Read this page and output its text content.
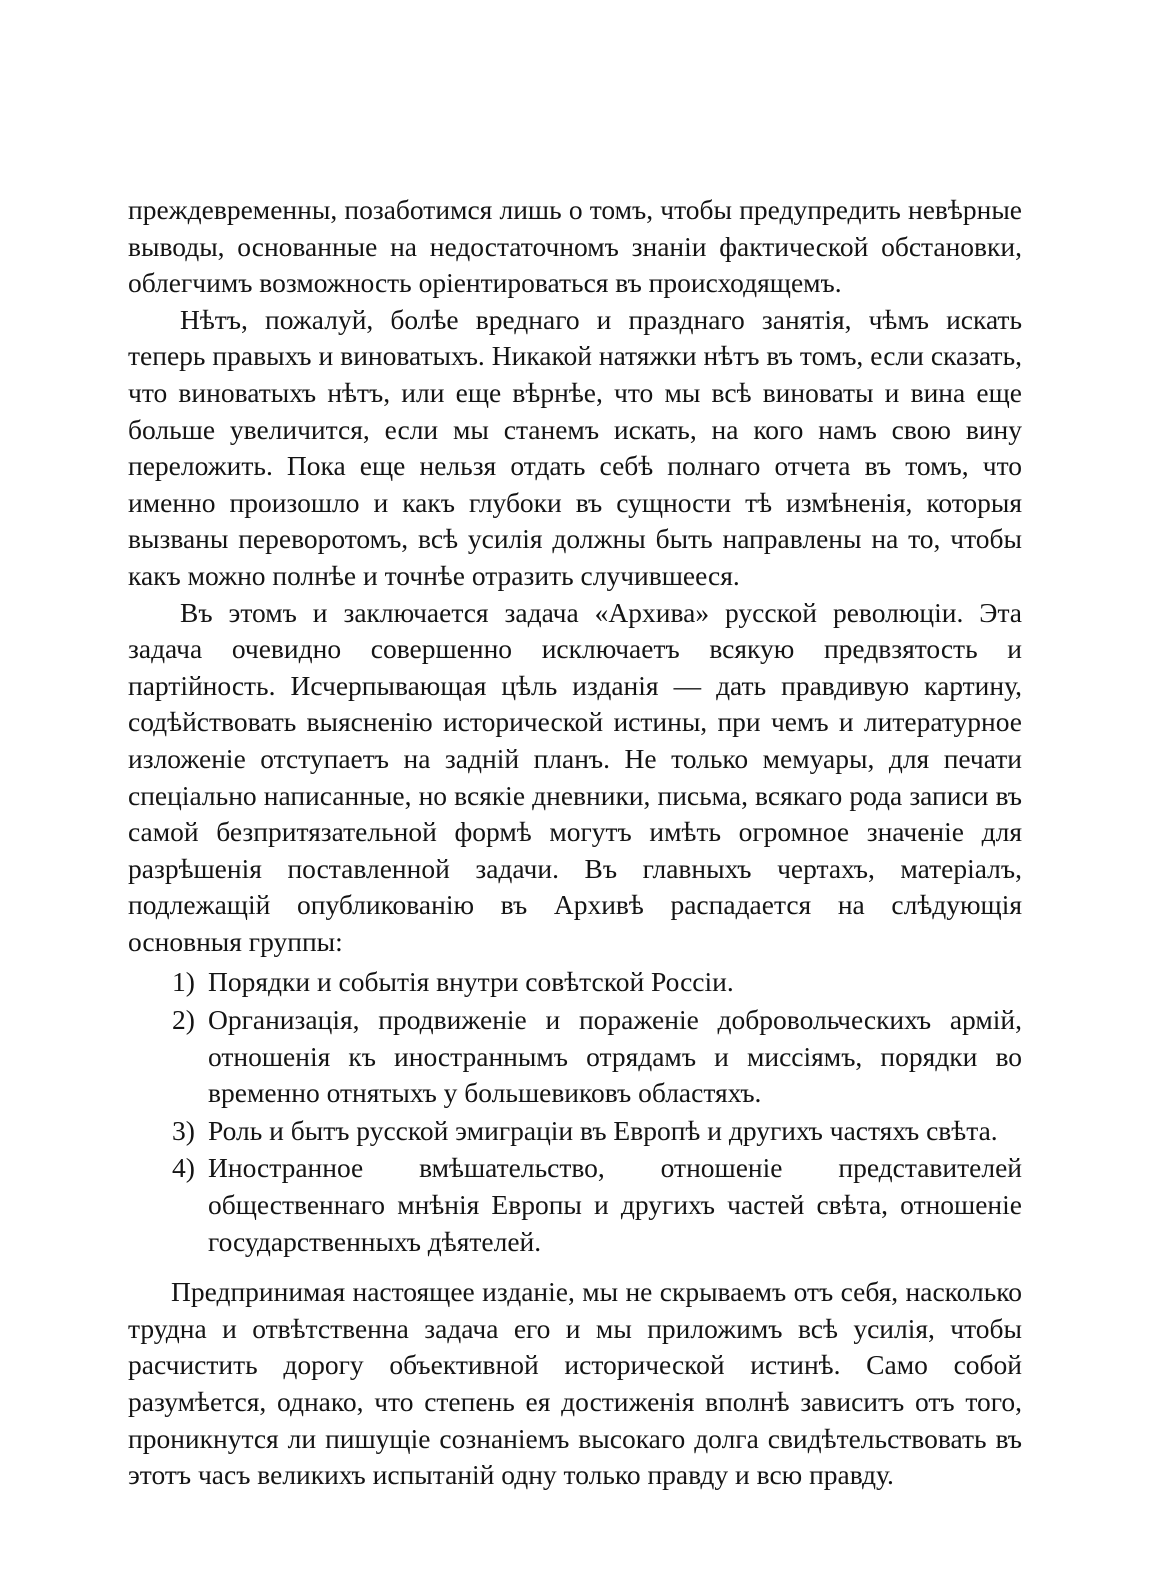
преждевременны, позаботимся лишь о томъ, чтобы предупредить невѣрные выводы, основанные на недостаточномъ знанiи фактической обстановки, облегчимъ возможность орiентироваться въ происходящемъ.

Нѣтъ, пожалуй, болѣе вреднаго и празднаго занятiя, чѣмъ искать теперь правыхъ и виноватыхъ. Никакой натяжки нѣтъ въ томъ, если сказать, что виноватыхъ нѣтъ, или еще вѣрнѣе, что мы всѣ виноваты и вина еще больше увеличится, если мы станемъ искать, на кого намъ свою вину переложить. Пока еще нельзя отдать себѣ полнаго отчета въ томъ, что именно произошло и какъ глубоки въ сущности тѣ измѣненiя, которыя вызваны переворотомъ, всѣ усилiя должны быть направлены на то, чтобы какъ можно полнѣе и точнѣе отразить случившееся.

Въ этомъ и заключается задача «Архива» русской революцiи. Эта задача очевидно совершенно исключаетъ всякую предвзятость и партiйность. Исчерпывающая цѣль изданiя — дать правдивую картину, содѣйствовать выясненiю исторической истины, при чемъ и литературное изложенiе отступаетъ на заднiй планъ. Не только мемуары, для печати спецiально написанные, но всякiе дневники, письма, всякаго рода записи въ самой безпритязательной формѣ могутъ имѣть огромное значенiе для разрѣшенiя поставленной задачи. Въ главныхъ чертахъ, матерiалъ, подлежащiй опубликованiю въ Архивѣ распадается на слѣдующiя основныя группы:

1) Порядки и событiя внутри совѣтской Россiи.
2) Организацiя, продвиженiе и пораженiе добровольческихъ армiй, отношенiя къ иностраннымъ отрядамъ и миссiямъ, порядки во временно отнятыхъ у большевиковъ областяхъ.
3) Роль и бытъ русской эмиграцiи въ Европѣ и другихъ частяхъ свѣта.
4) Иностранное вмѣшательство, отношенiе представителей общественнаго мнѣнiя Европы и другихъ частей свѣта, отношенiе государственныхъ дѣятелей.

Предпринимая настоящее изданiе, мы не скрываемъ отъ себя, насколько трудна и отвѣтственна задача его и мы приложимъ всѣ усилiя, чтобы расчистить дорогу объективной исторической истинѣ. Само собой разумѣется, однако, что степень ея достиженiя вполнѣ зависитъ отъ того, проникнутся ли пишущiе сознанiемъ высокаго долга свидѣтельствовать въ этотъ часъ великихъ испытанiй одну только правду и всю правду.
